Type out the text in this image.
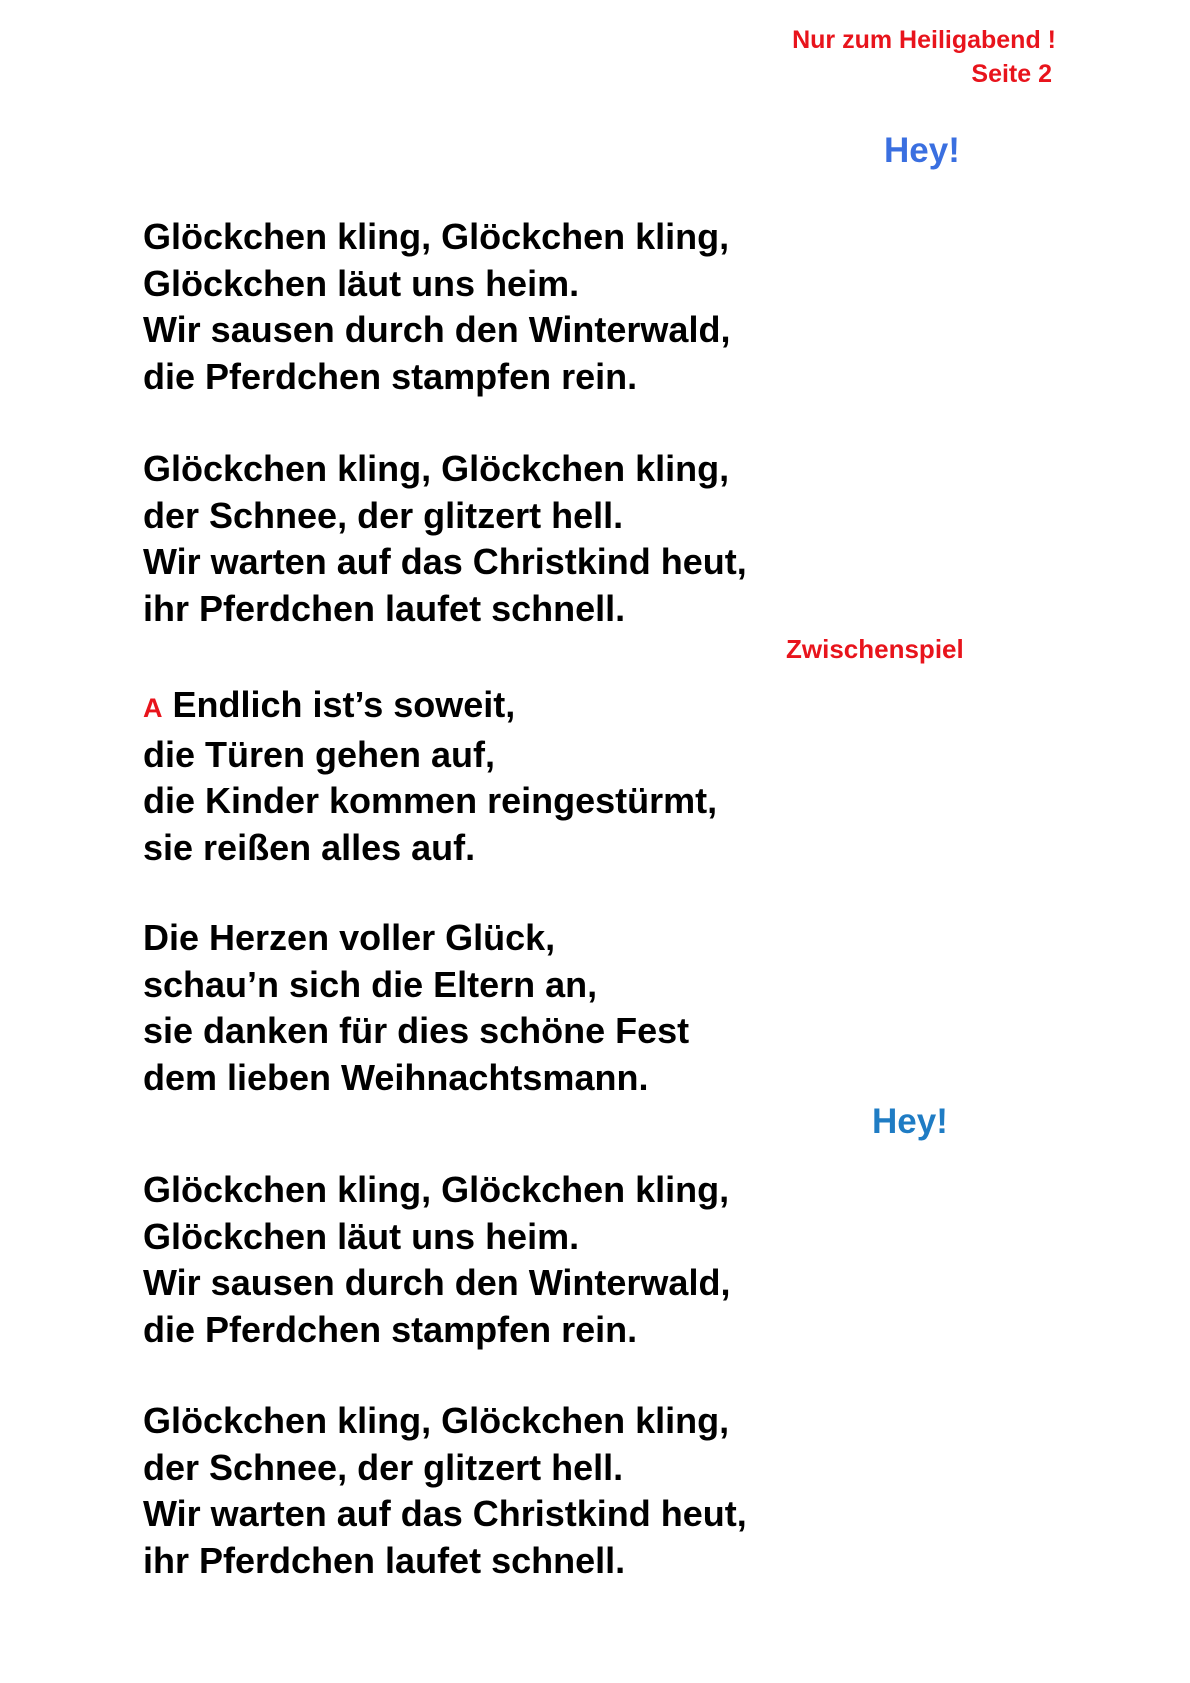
Nur zum Heiligabend !
Seite 2
Hey!
Zwischenspiel
Hey!
Glöckchen kling, Glöckchen kling,
Glöckchen läut uns heim.
Wir sausen durch den Winterwald,
die Pferdchen stampfen rein.
Glöckchen kling, Glöckchen kling,
der Schnee, der glitzert hell.
Wir warten auf das Christkind heut,
ihr Pferdchen laufet schnell.
A Endlich ist’s soweit,
die Türen gehen auf,
die Kinder kommen reingestürmt,
sie reißen alles auf.
Die Herzen voller Glück,
schau’n sich die Eltern an,
sie danken für dies schöne Fest
dem lieben Weihnachtsmann.
Glöckchen kling, Glöckchen kling,
Glöckchen läut uns heim.
Wir sausen durch den Winterwald,
die Pferdchen stampfen rein.
Glöckchen kling, Glöckchen kling,
der Schnee, der glitzert hell.
Wir warten auf das Christkind heut,
ihr Pferdchen laufet schnell.
